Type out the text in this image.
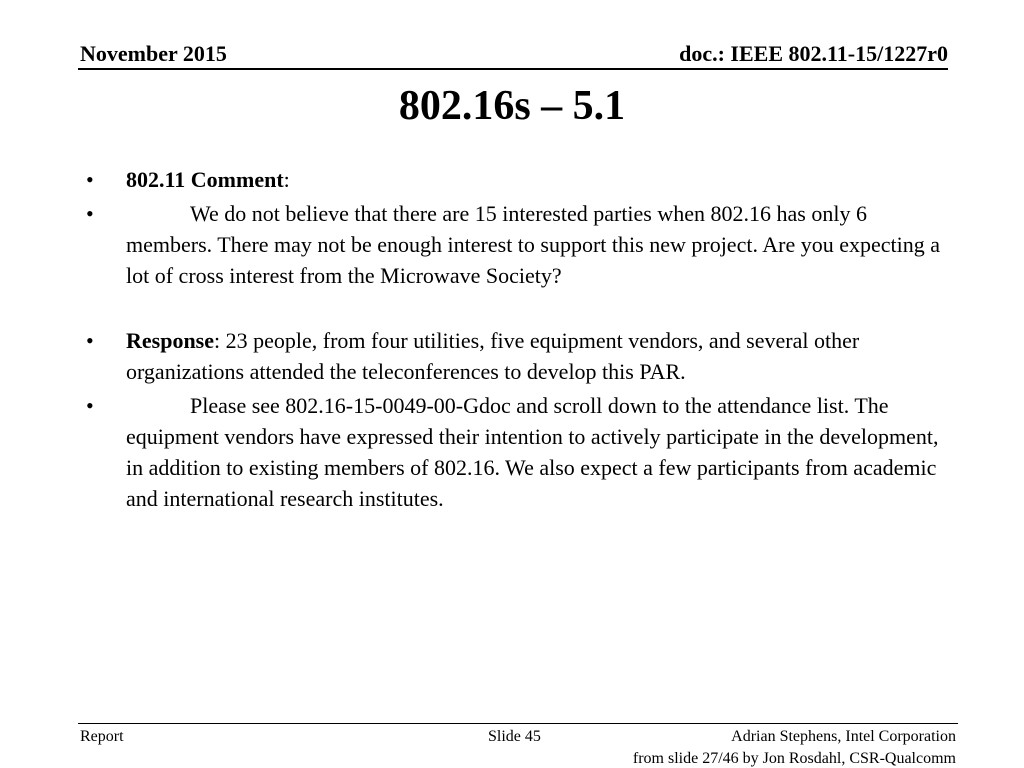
November 2015	doc.: IEEE 802.11-15/1227r0
802.16s – 5.1
• 802.11 Comment:
•	We do not believe that there are 15 interested parties when 802.16 has only 6 members. There may not be enough interest to support this new project. Are you expecting a lot of cross interest from the Microwave Society?
• Response: 23 people, from four utilities, five equipment vendors, and several other organizations attended the teleconferences to develop this PAR.
•	Please see 802.16-15-0049-00-Gdoc and scroll down to the attendance list. The equipment vendors have expressed their intention to actively participate in the development, in addition to existing members of 802.16. We also expect a few participants from academic and international research institutes.
Report	Slide 45	Adrian Stephens, Intel Corporation
from slide 27/46 by Jon Rosdahl, CSR-Qualcomm
